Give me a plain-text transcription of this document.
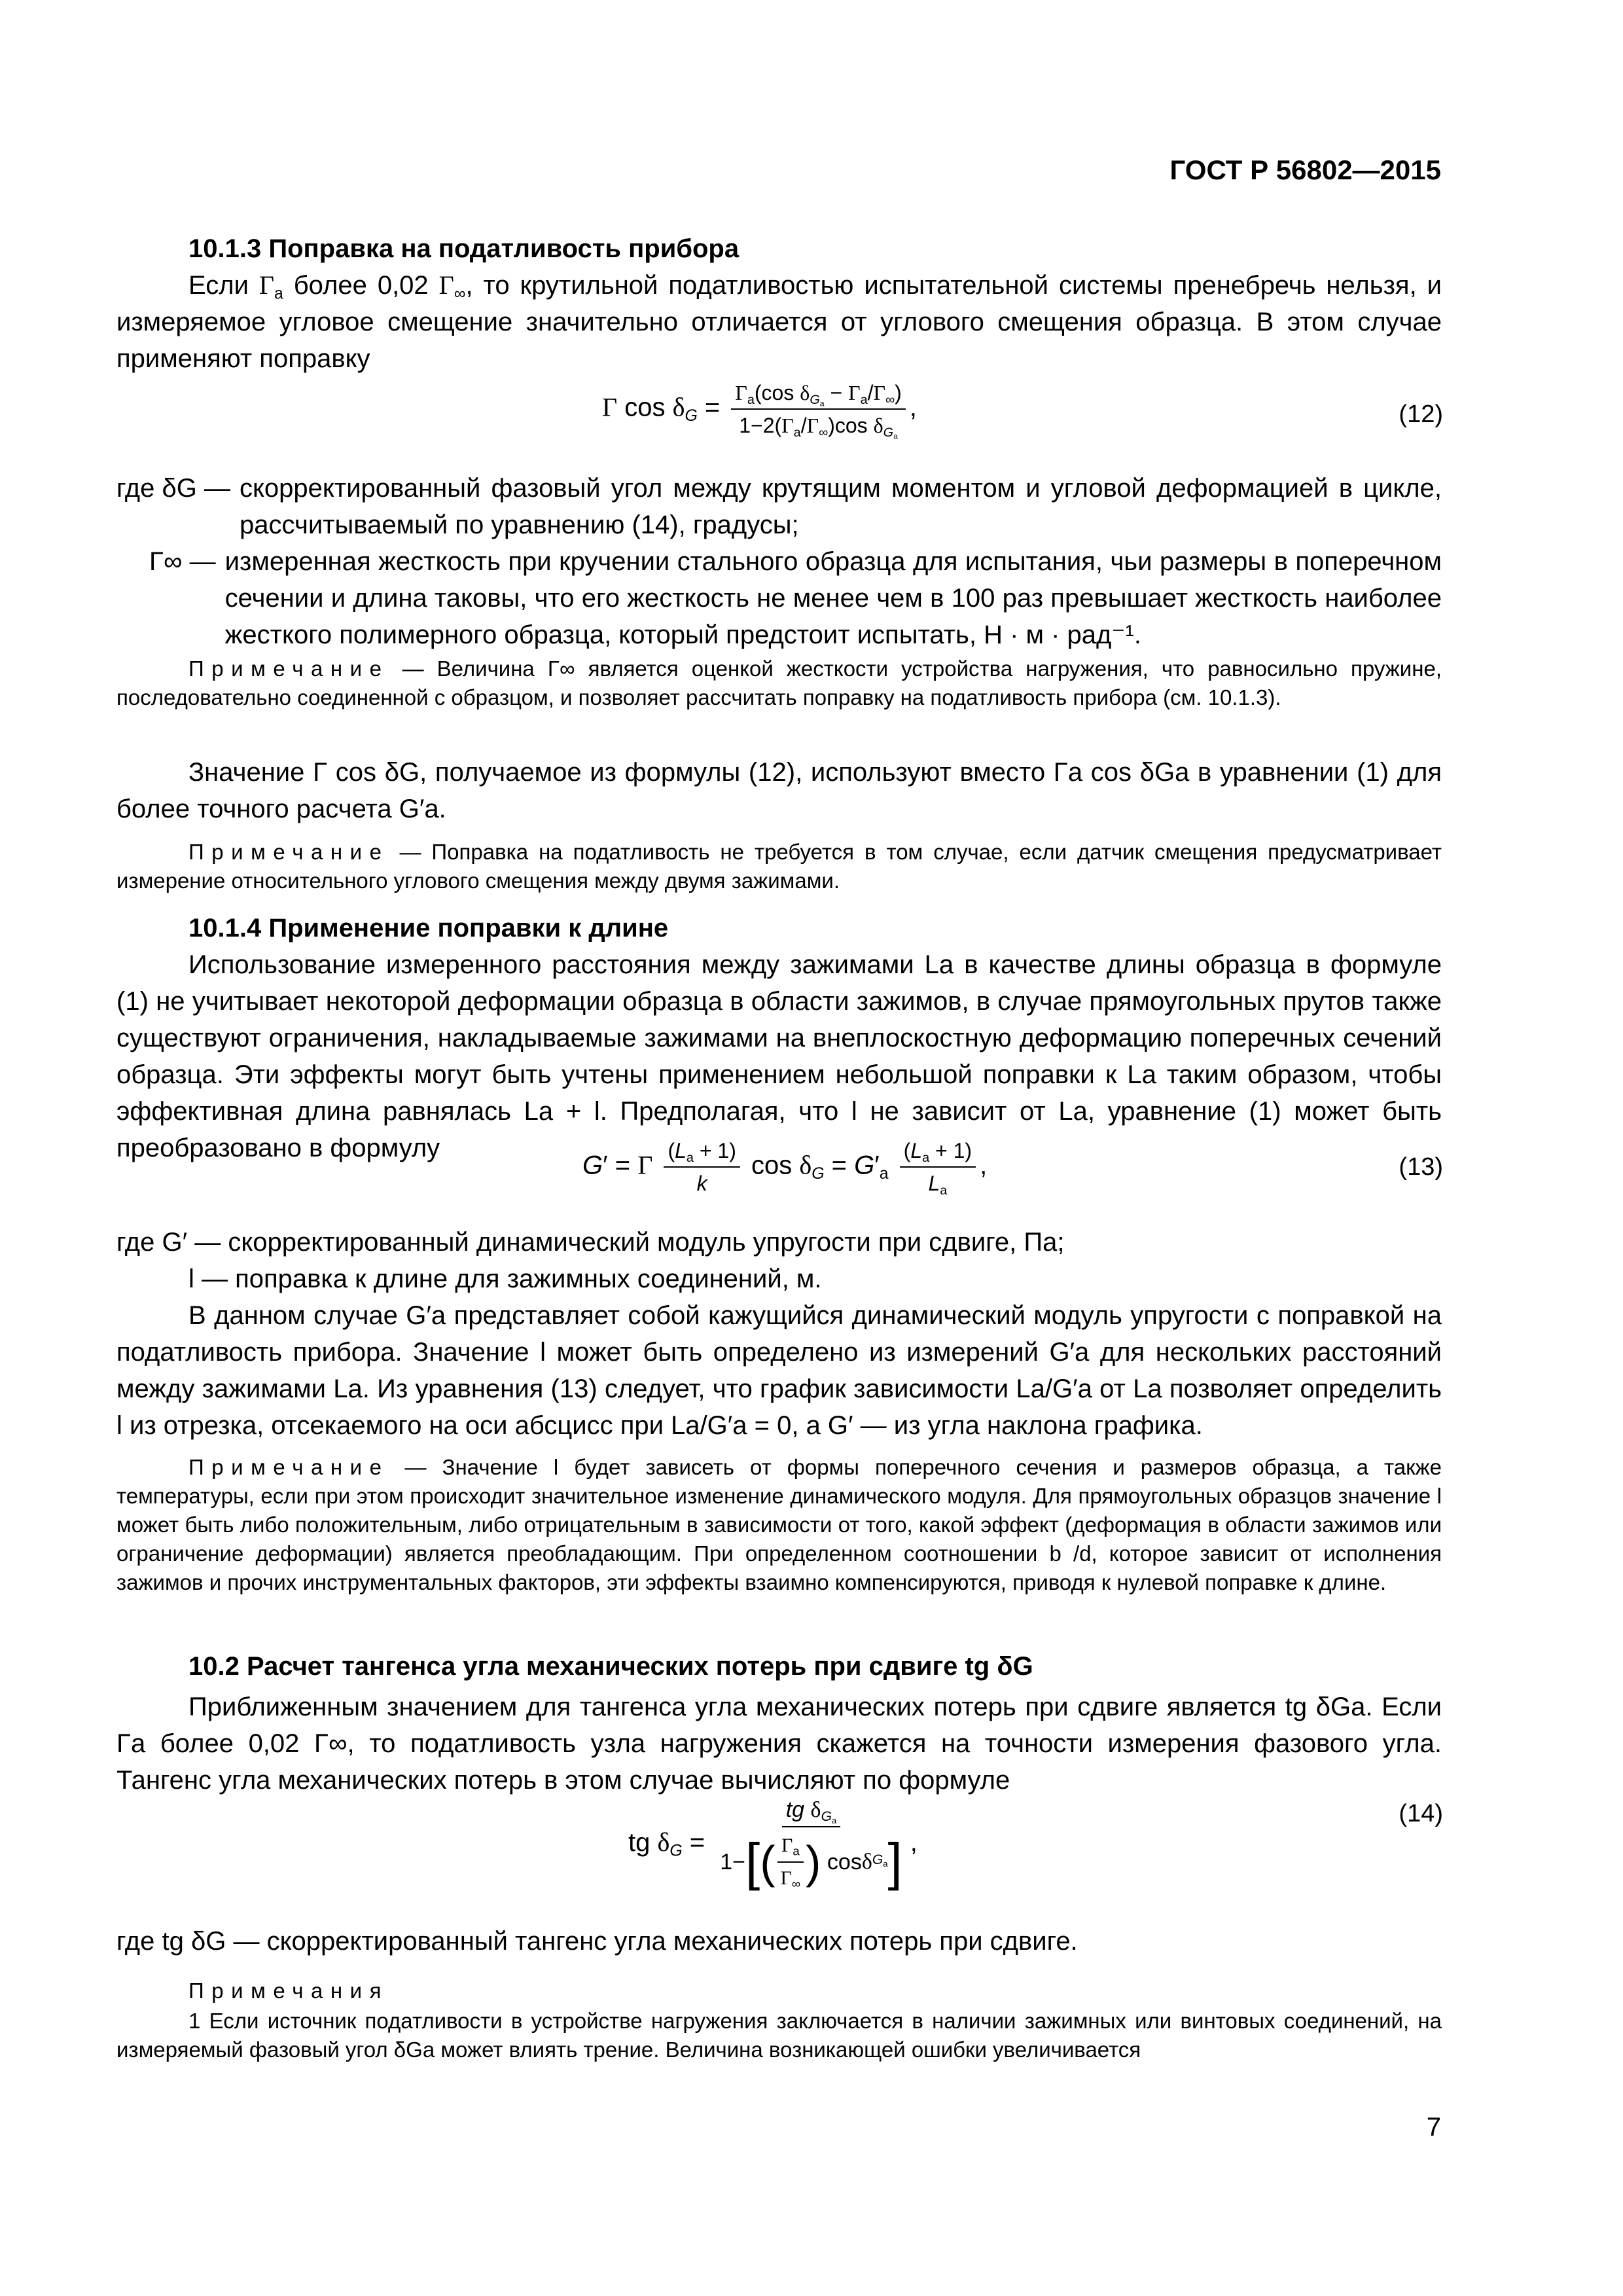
ГОСТ Р 56802—2015
10.1.3 Поправка на податливость прибора
Если $\Gamma_a$ более 0,02 $\Gamma_\infty$, то крутильной податливостью испытательной системы пренебречь нельзя, и измеряемое угловое смещение значительно отличается от углового смещения образца. В этом случае применяют поправку
Γ $\cos \delta_G = \frac{\Gamma_a(\cos \delta_{G_a} - \Gamma_a/\Gamma_\infty)}{1-2(\Gamma_a/\Gamma_\infty)\cos \delta_{G_a}}$ ,	(12)
где δG — скорректированный фазовый угол между крутящим моментом и угловой деформацией в цикле, рассчитываемый по уравнению (14), градусы;
Γ∞ — измеренная жесткость при кручении стального образца для испытания, чьи размеры в поперечном сечении и длина таковы, что его жесткость не менее чем в 100 раз превышает жесткость наиболее жесткого полимерного образца, который предстоит испытать, Н · м · рад⁻¹.
Примечание — Величина Γ∞ является оценкой жесткости устройства нагружения, что равносильно пружине, последовательно соединенной с образцом, и позволяет рассчитать поправку на податливость прибора (см. 10.1.3).
Значение Γ cos δG, получаемое из формулы (12), используют вместо Γa cos δGa в уравнении (1) для более точного расчета G′a.
Примечание — Поправка на податливость не требуется в том случае, если датчик смещения предусматривает измерение относительного углового смещения между двумя зажимами.
10.1.4 Применение поправки к длине
Использование измеренного расстояния между зажимами La в качестве длины образца в формуле (1) не учитывает некоторой деформации образца в области зажимов, в случае прямоугольных прутов также существуют ограничения, накладываемые зажимами на внеплоскостную деформацию поперечных сечений образца. Эти эффекты могут быть учтены применением небольшой поправки к La таким образом, чтобы эффективная длина равнялась La + l. Предполагая, что l не зависит от La, уравнение (1) может быть преобразовано в формулу
G′ = Γ $\frac{(L_a + 1)}{k}$ $\cos \delta_G = G'_a \frac{(L_a + 1)}{L_a}$ ,	(13)
где G′ — скорректированный динамический модуль упругости при сдвиге, Па;
l — поправка к длине для зажимных соединений, м.
В данном случае G′a представляет собой кажущийся динамический модуль упругости с поправкой на податливость прибора. Значение l может быть определено из измерений G′a для нескольких расстояний между зажимами La. Из уравнения (13) следует, что график зависимости La/G′a от La позволяет определить l из отрезка, отсекаемого на оси абсцисс при La/G′a = 0, а G′ — из угла наклона графика.
Примечание — Значение l будет зависеть от формы поперечного сечения и размеров образца, а также температуры, если при этом происходит значительное изменение динамического модуля. Для прямоугольных образцов значение l может быть либо положительным, либо отрицательным в зависимости от того, какой эффект (деформация в области зажимов или ограничение деформации) является преобладающим. При определенном соотношении b /d, которое зависит от исполнения зажимов и прочих инструментальных факторов, эти эффекты взаимно компенсируются, приводя к нулевой поправке к длине.
10.2 Расчет тангенса угла механических потерь при сдвиге tg δG
Приближенным значением для тангенса угла механических потерь при сдвиге является tg δGa. Если Γa более 0,02 Γ∞, то податливость узла нагружения скажется на точности измерения фазового угла. Тангенс угла механических потерь в этом случае вычисляют по формуле
tg $\delta_G$ =
tg $\delta_{G_a}$
1− [ ( $\frac{\Gamma_a}{\Gamma_\infty}$ ) cos δ $G_a$ ] ,
(14)
где tg δG — скорректированный тангенс угла механических потерь при сдвиге.
Примечания
1 Если источник податливости в устройстве нагружения заключается в наличии зажимных или винтовых соединений, на измеряемый фазовый угол δGa может влиять трение. Величина возникающей ошибки увеличивается
7
